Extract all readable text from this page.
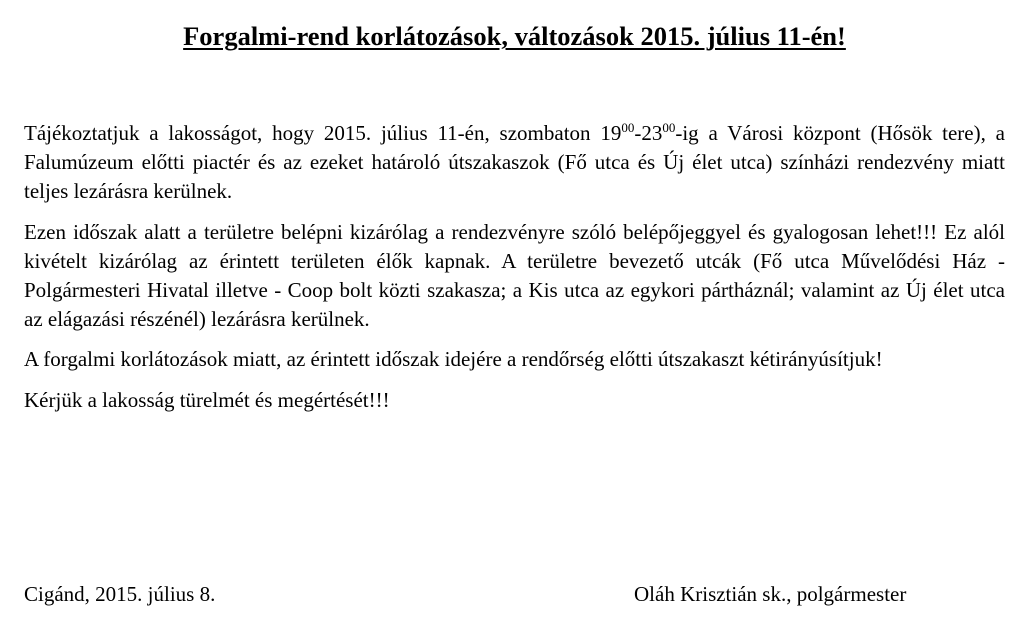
Forgalmi-rend korlátozások, változások 2015. július 11-én!

Tájékoztatjuk a lakosságot, hogy 2015. július 11-én, szombaton $19^{00}-23^{00}-ig$ a Városi központ (Hősök tere), a Falumúzeum előtti piactér és az ezeket határoló útszakaszok (Fő utca és Új élet utca) színházi rendezvény miatt teljes lezárásra kerülnek.

Ezen időszak alatt a területre belépni kizárólag a rendezvényre szóló belépőjeggyel és gyalogosan lehet!!! Ez alól kivételt kizárólag az érintett területen élők kapnak. A területre bevezető utcák (Fő utca Művelődési Ház - Polgármesteri Hivatal illetve - Coop bolt közti szakasza; a Kis utca az egykori pártháznál; valamint az Új élet utca az elágazási részénél) lezárásra kerülnek.

A forgalmi korlátozások miatt, az érintett időszak idejére a rendőrség előtti útszakaszt kétirányúsítjuk!

Kérjük a lakosság türelmét és megértését!!!

Cigánd, 2015. július 8.	Oláh Krisztián sk., polgármester
